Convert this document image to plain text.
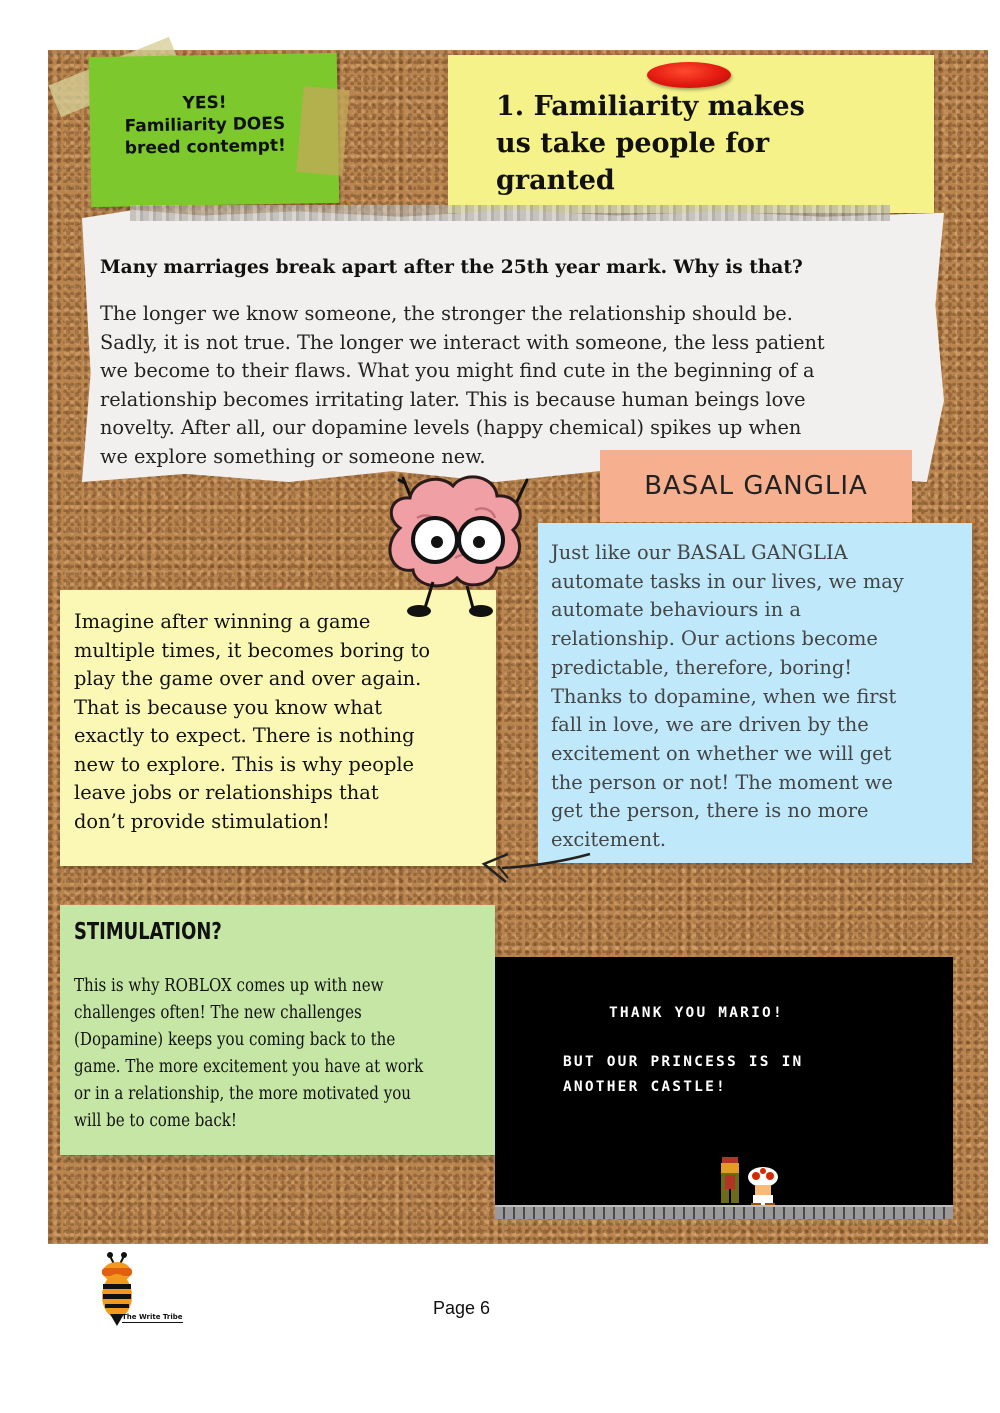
YES!
Familiarity DOES
breed contempt!
1. Familiarity makes
us take people for
granted
Many marriages break apart after the 25th year mark. Why is that?
The longer we know someone, the stronger the relationship should be.
Sadly, it is not true. The longer we interact with someone, the less patient
we become to their flaws. What you might find cute in the beginning of a
relationship becomes irritating later. This is because human beings love
novelty. After all, our dopamine levels (happy chemical) spikes up when
we explore something or someone new.
BASAL GANGLIA
Just like our BASAL GANGLIA
automate tasks in our lives, we may
automate behaviours in a
relationship. Our actions become
predictable, therefore, boring!
Thanks to dopamine, when we first
fall in love, we are driven by the
excitement on whether we will get
the person or not! The moment we
get the person, there is no more
excitement.
Imagine after winning a game
multiple times, it becomes boring to
play the game over and over again.
That is because you know what
exactly to expect. There is nothing
new to explore. This is why people
leave jobs or relationships that
don’t provide stimulation!
STIMULATION?
This is why ROBLOX comes up with new
challenges often! The new challenges
(Dopamine) keeps you coming back to the
game. The more excitement you have at work
or in a relationship, the more motivated you
will be to come back!
THANK YOU MARIO!
BUT OUR PRINCESS IS IN
ANOTHER CASTLE!
The Write Tribe	Page 6
